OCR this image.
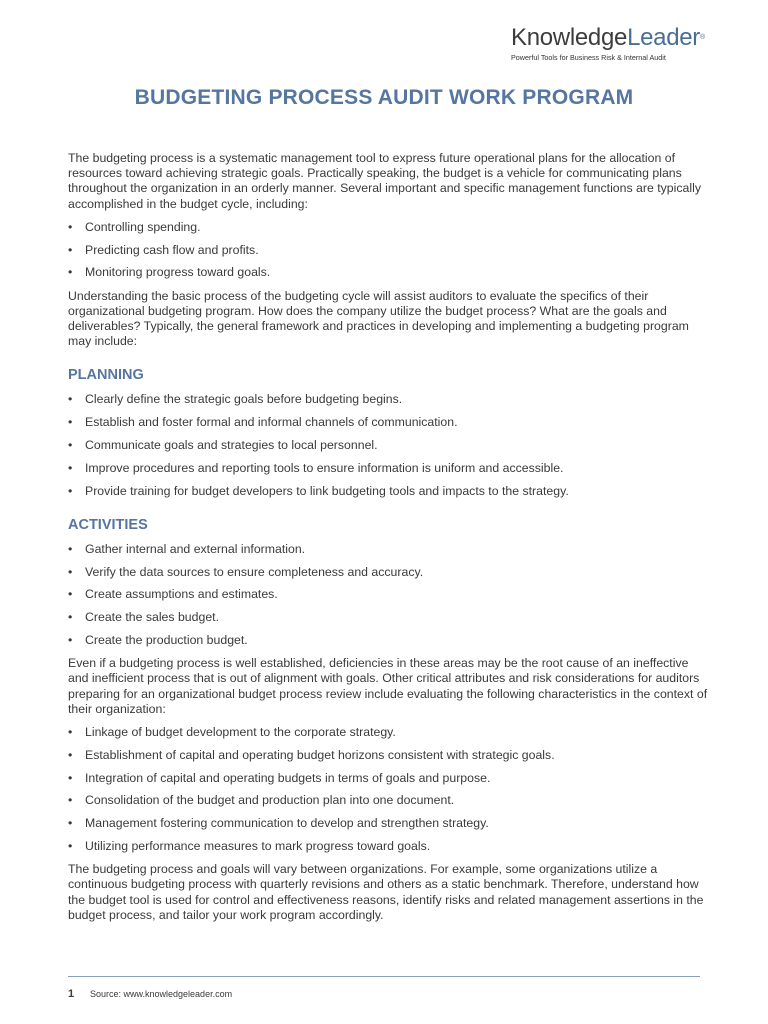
KnowledgeLeader®
Powerful Tools for Business Risk & Internal Audit
BUDGETING PROCESS AUDIT WORK PROGRAM

The budgeting process is a systematic management tool to express future operational plans for the allocation of resources toward achieving strategic goals. Practically speaking, the budget is a vehicle for communicating plans throughout the organization in an orderly manner. Several important and specific management functions are typically accomplished in the budget cycle, including:

• Controlling spending.
• Predicting cash flow and profits.
• Monitoring progress toward goals.

Understanding the basic process of the budgeting cycle will assist auditors to evaluate the specifics of their organizational budgeting program. How does the company utilize the budget process? What are the goals and deliverables? Typically, the general framework and practices in developing and implementing a budgeting program may include:

PLANNING
• Clearly define the strategic goals before budgeting begins.
• Establish and foster formal and informal channels of communication.
• Communicate goals and strategies to local personnel.
• Improve procedures and reporting tools to ensure information is uniform and accessible.
• Provide training for budget developers to link budgeting tools and impacts to the strategy.
ACTIVITIES
• Gather internal and external information.
• Verify the data sources to ensure completeness and accuracy.
• Create assumptions and estimates.
• Create the sales budget.
• Create the production budget.

Even if a budgeting process is well established, deficiencies in these areas may be the root cause of an ineffective and inefficient process that is out of alignment with goals. Other critical attributes and risk considerations for auditors preparing for an organizational budget process review include evaluating the following characteristics in the context of their organization:

• Linkage of budget development to the corporate strategy.
• Establishment of capital and operating budget horizons consistent with strategic goals.
• Integration of capital and operating budgets in terms of goals and purpose.
• Consolidation of the budget and production plan into one document.
• Management fostering communication to develop and strengthen strategy.
• Utilizing performance measures to mark progress toward goals.

The budgeting process and goals will vary between organizations. For example, some organizations utilize a continuous budgeting process with quarterly revisions and others as a static benchmark. Therefore, understand how the budget tool is used for control and effectiveness reasons, identify risks and related management assertions in the budget process, and tailor your work program accordingly.

1 Source: www.knowledgeleader.com
